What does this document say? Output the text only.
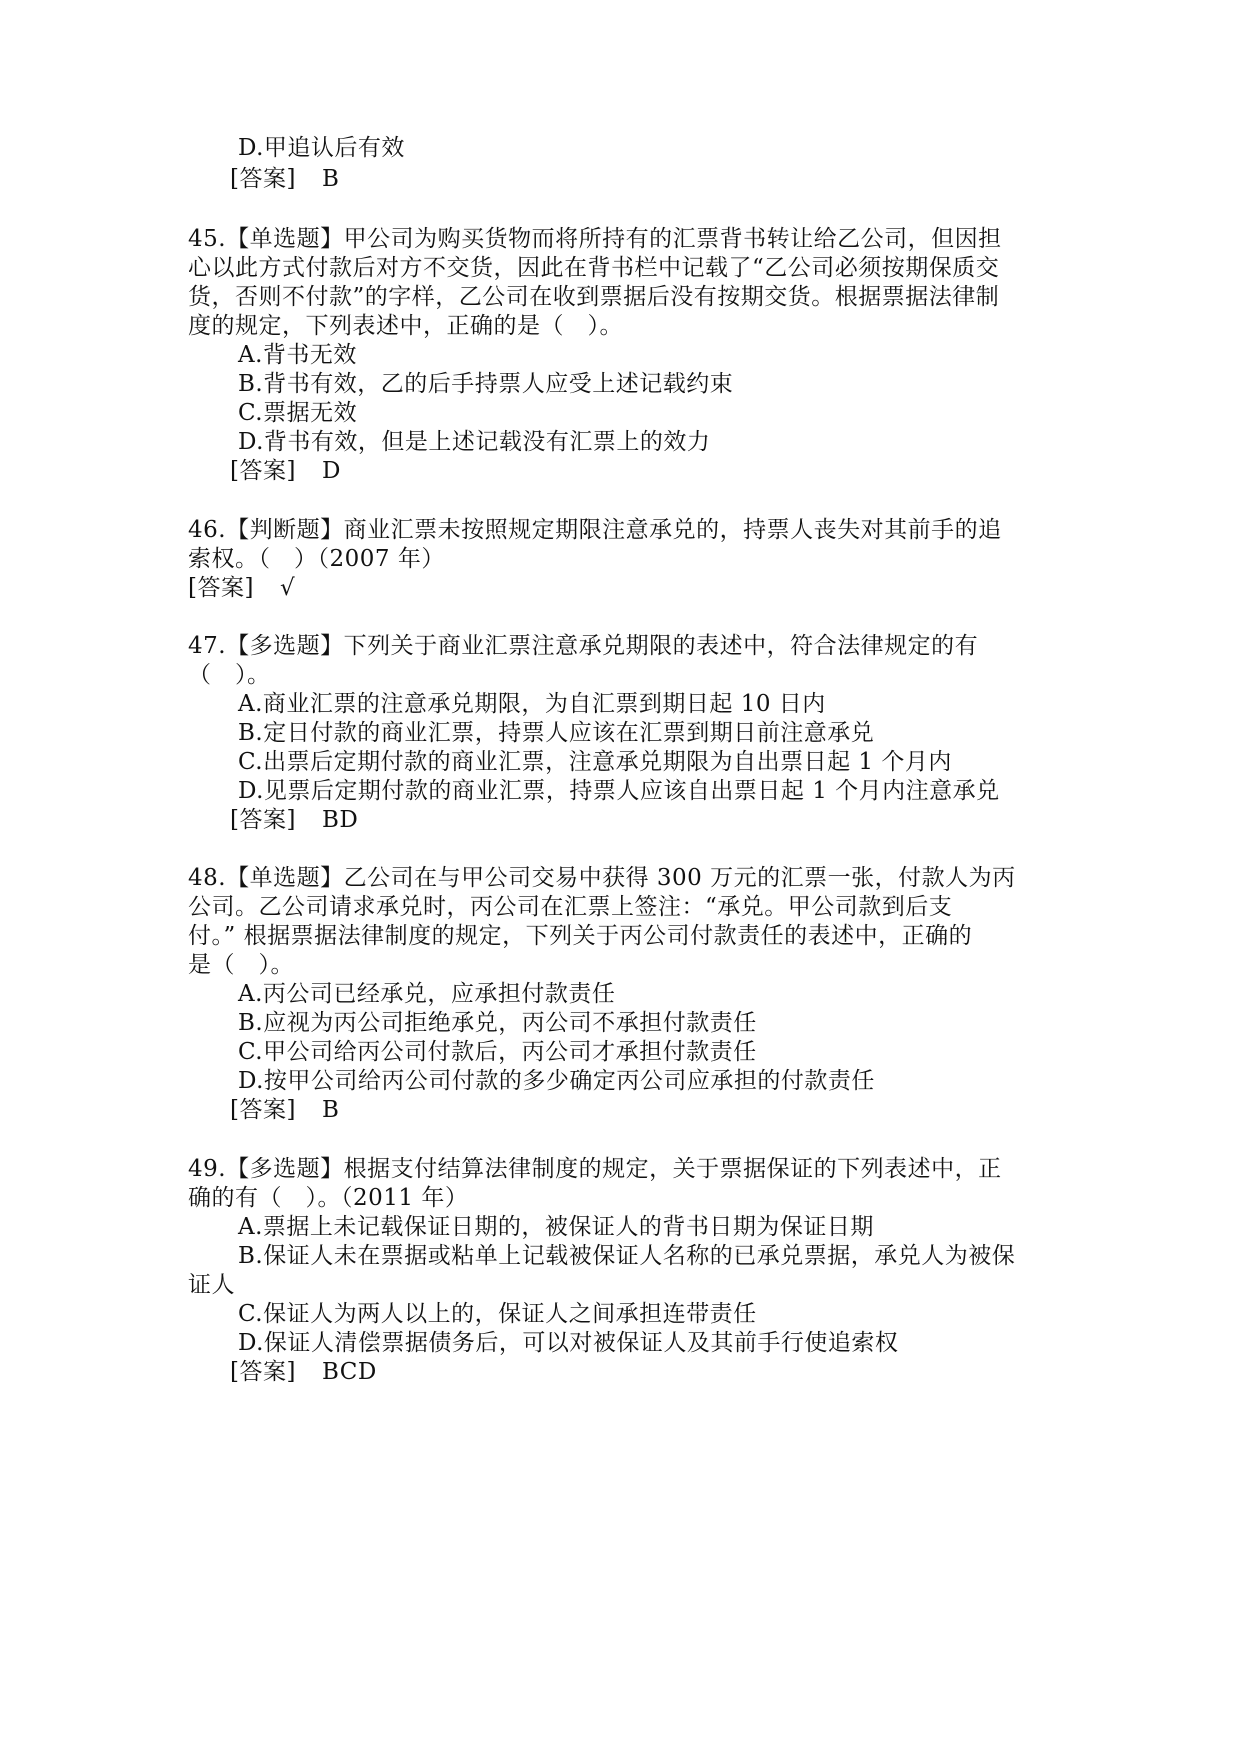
D.甲追认后有效
[答案] B
45.【单选题】甲公司为购买货物而将所持有的汇票背书转让给乙公司，但因担
心以此方式付款后对方不交货，因此在背书栏中记载了“乙公司必须按期保质交
货，否则不付款”的字样，乙公司在收到票据后没有按期交货。根据票据法律制
度的规定，下列表述中，正确的是（　）。
A.背书无效
B.背书有效，乙的后手持票人应受上述记载约束
C.票据无效
D.背书有效，但是上述记载没有汇票上的效力
[答案] D
46.【判断题】商业汇票未按照规定期限注意承兑的，持票人丧失对其前手的追
索权。（　）（2007 年）
[答案] √
47.【多选题】下列关于商业汇票注意承兑期限的表述中，符合法律规定的有
（　）。
A.商业汇票的注意承兑期限，为自汇票到期日起 10 日内
B.定日付款的商业汇票，持票人应该在汇票到期日前注意承兑
C.出票后定期付款的商业汇票，注意承兑期限为自出票日起 1 个月内
D.见票后定期付款的商业汇票，持票人应该自出票日起 1 个月内注意承兑
[答案] BD
48.【单选题】乙公司在与甲公司交易中获得 300 万元的汇票一张，付款人为丙
公司。乙公司请求承兑时，丙公司在汇票上签注：“承兑。甲公司款到后支
付。” 根据票据法律制度的规定，下列关于丙公司付款责任的表述中，正确的
是（　）。
A.丙公司已经承兑，应承担付款责任
B.应视为丙公司拒绝承兑，丙公司不承担付款责任
C.甲公司给丙公司付款后，丙公司才承担付款责任
D.按甲公司给丙公司付款的多少确定丙公司应承担的付款责任
[答案] B
49.【多选题】根据支付结算法律制度的规定，关于票据保证的下列表述中，正
确的有（　）。（2011 年）
A.票据上未记载保证日期的，被保证人的背书日期为保证日期
B.保证人未在票据或粘单上记载被保证人名称的已承兑票据，承兑人为被保
证人
C.保证人为两人以上的，保证人之间承担连带责任
D.保证人清偿票据债务后，可以对被保证人及其前手行使追索权
[答案] BCD
